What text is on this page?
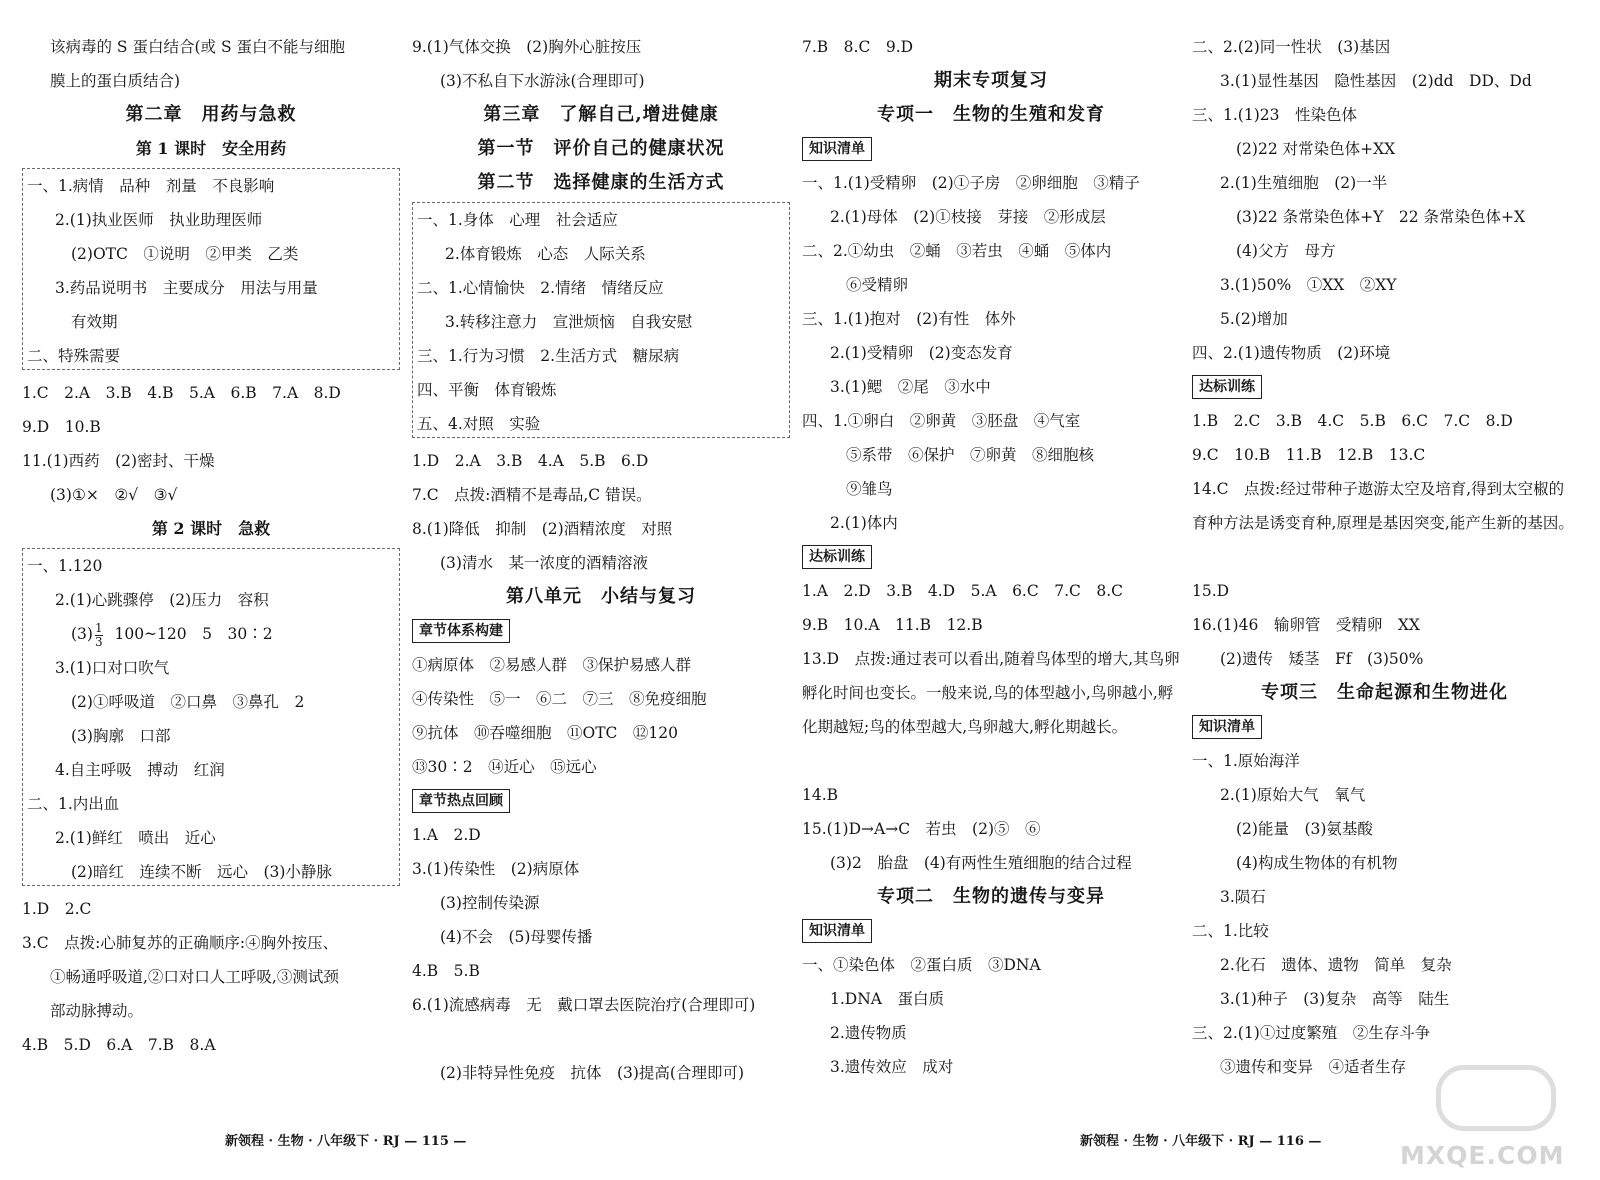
该病毒的 S 蛋白结合(或 S 蛋白不能与细胞
膜上的蛋白质结合)
第二章　用药与急救
第 1 课时　安全用药
一、1.病情　品种　剂量　不良影响
2.(1)执业医师　执业助理医师
(2)OTC　①说明　②甲类　乙类
3.药品说明书　主要成分　用法与用量
有效期
二、特殊需要
1.C　2.A　3.B　4.B　5.A　6.B　7.A　8.D
9.D　10.B
11.(1)西药　(2)密封、干燥
(3)①×　②√　③√
第 2 课时　急救
一、1.120
2.(1)心跳骤停　(2)压力　容积
$(3) \frac{1}{3}$ 100~120　5　30∶2
3.(1)口对口吹气
(2)①呼吸道　②口鼻　③鼻孔　2
(3)胸廓　口部
4.自主呼吸　搏动　红润
二、1.内出血
2.(1)鲜红　喷出　近心
(2)暗红　连续不断　远心　(3)小静脉
1.D　2.C
3.C　点拨:心肺复苏的正确顺序:④胸外按压、
①畅通呼吸道,②口对口人工呼吸,③测试颈
部动脉搏动。
4.B　5.D　6.A　7.B　8.A
9.(1)气体交换　(2)胸外心脏按压
(3)不私自下水游泳(合理即可)
第三章　了解自己,增进健康
第一节　评价自己的健康状况
第二节　选择健康的生活方式
一、1.身体　心理　社会适应
2.体育锻炼　心态　人际关系
二、1.心情愉快　2.情绪　情绪反应
3.转移注意力　宣泄烦恼　自我安慰
三、1.行为习惯　2.生活方式　糖尿病
四、平衡　体育锻炼
五、4.对照　实验
1.D　2.A　3.B　4.A　5.B　6.D
7.C　点拨:酒精不是毒品,C 错误。
8.(1)降低　抑制　(2)酒精浓度　对照
(3)清水　某一浓度的酒精溶液
第八单元　小结与复习
章节体系构建
①病原体　②易感人群　③保护易感人群
④传染性　⑤一　⑥二　⑦三　⑧免疫细胞
⑨抗体　⑩吞噬细胞　⑪OTC　⑫120
⑬30∶2　⑭近心　⑮远心
章节热点回顾
1.A　2.D
3.(1)传染性　(2)病原体
(3)控制传染源
(4)不会　(5)母婴传播
4.B　5.B
6.(1)流感病毒　无　戴口罩去医院治疗(合理即可)
(2)非特异性免疫　抗体　(3)提高(合理即可)
7.B　8.C　9.D
期末专项复习
专项一　生物的生殖和发育
知识清单
一、1.(1)受精卵　(2)①子房　②卵细胞　③精子
2.(1)母体　(2)①枝接　芽接　②形成层
二、2.①幼虫　②蛹　③若虫　④蛹　⑤体内
⑥受精卵
三、1.(1)抱对　(2)有性　体外
2.(1)受精卵　(2)变态发育
3.(1)鳃　②尾　③水中
四、1.①卵白　②卵黄　③胚盘　④气室
⑤系带　⑥保护　⑦卵黄　⑧细胞核
⑨雏鸟
2.(1)体内
达标训练
1.A　2.D　3.B　4.D　5.A　6.C　7.C　8.C
9.B　10.A　11.B　12.B
13.D　点拨:通过表可以看出,随着鸟体型的增大,其鸟卵孵化时间也变长。一般来说,鸟的体型越小,鸟卵越小,孵化期越短;鸟的体型越大,鸟卵越大,孵化期越长。
14.B
15.(1)D→A→C　若虫　(2)⑤　⑥
(3)2　胎盘　(4)有两性生殖细胞的结合过程
专项二　生物的遗传与变异
知识清单
一、①染色体　②蛋白质　③DNA
1.DNA　蛋白质
2.遗传物质
3.遗传效应　成对
二、2.(2)同一性状　(3)基因
3.(1)显性基因　隐性基因　(2)dd　DD、Dd
三、1.(1)23　性染色体
(2)22 对常染色体+XX
2.(1)生殖细胞　(2)一半
(3)22 条常染色体+Y　22 条常染色体+X
(4)父方　母方
3.(1)50%　①XX　②XY
5.(2)增加
四、2.(1)遗传物质　(2)环境
达标训练
1.B　2.C　3.B　4.C　5.B　6.C　7.C　8.D
9.C　10.B　11.B　12.B　13.C
14.C　点拨:经过带种子遨游太空及培育,得到太空椒的育种方法是诱变育种,原理是基因突变,能产生新的基因。
15.D
16.(1)46　输卵管　受精卵　XX
(2)遗传　矮茎　Ff　(3)50%
专项三　生命起源和生物进化
知识清单
一、1.原始海洋
2.(1)原始大气　氧气
(2)能量　(3)氨基酸
(4)构成生物体的有机物
3.陨石
二、1.比较
2.化石　遗体、遗物　简单　复杂
3.(1)种子　(3)复杂　高等　陆生
三、2.(1)①过度繁殖　②生存斗争
③遗传和变异　④适者生存
新领程 · 生物 · 八年级下 · RJ — 115 —	新领程 · 生物 · 八年级下 · RJ — 116 —	MXQE.COM
